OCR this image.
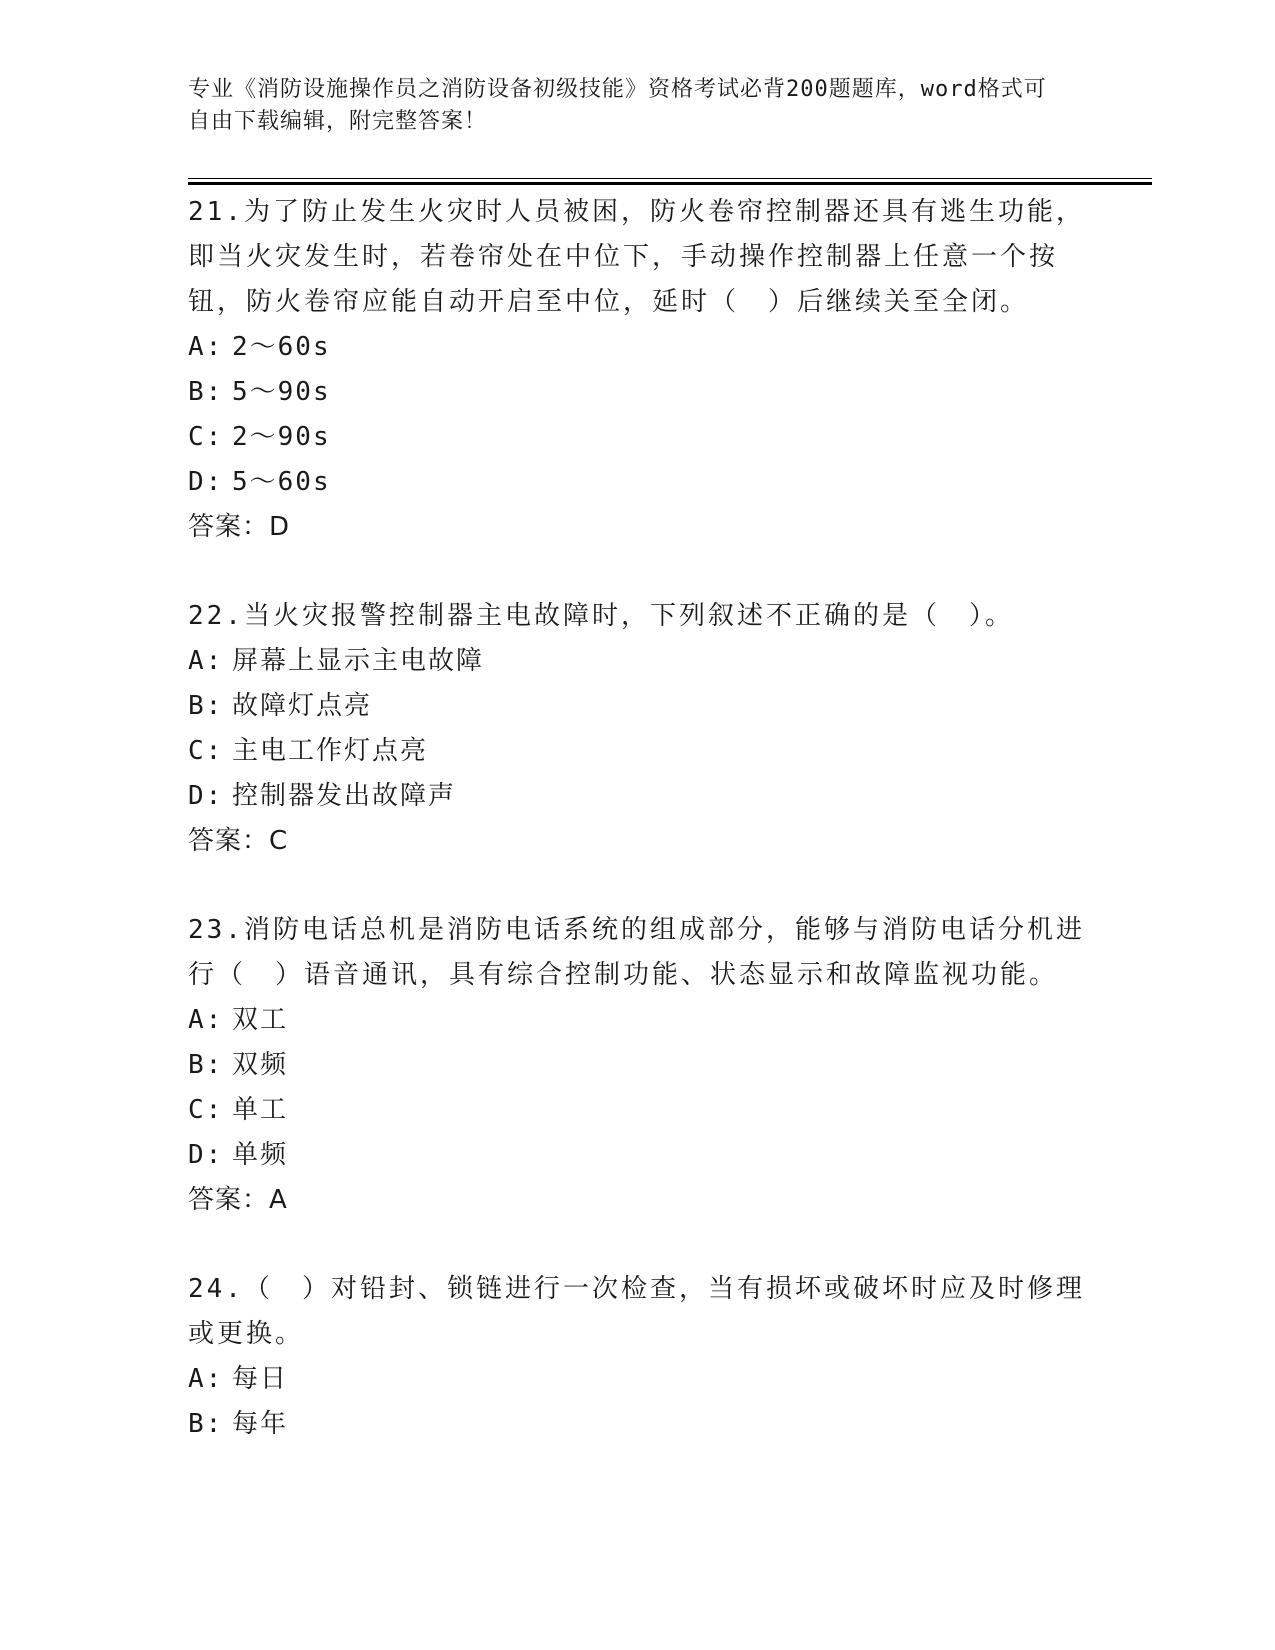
专业《消防设施操作员之消防设备初级技能》资格考试必背200题题库，word格式可自由下载编辑，附完整答案！

21.为了防止发生火灾时人员被困，防火卷帘控制器还具有逃生功能，即当火灾发生时，若卷帘处在中位下，手动操作控制器上任意一个按钮，防火卷帘应能自动开启至中位，延时（　）后继续关至全闭。

A: 2～60s
B: 5～90s
C: 2～90s
D: 5～60s
答案：D

22.当火灾报警控制器主电故障时，下列叙述不正确的是（　）。

A: 屏幕上显示主电故障
B: 故障灯点亮
C: 主电工作灯点亮
D: 控制器发出故障声
答案：C

23.消防电话总机是消防电话系统的组成部分，能够与消防电话分机进行（　）语音通讯，具有综合控制功能、状态显示和故障监视功能。

A: 双工
B: 双频
C: 单工
D: 单频
答案：A

24.（　）对铅封、锁链进行一次检查，当有损坏或破坏时应及时修理或更换。

A: 每日
B: 每年
